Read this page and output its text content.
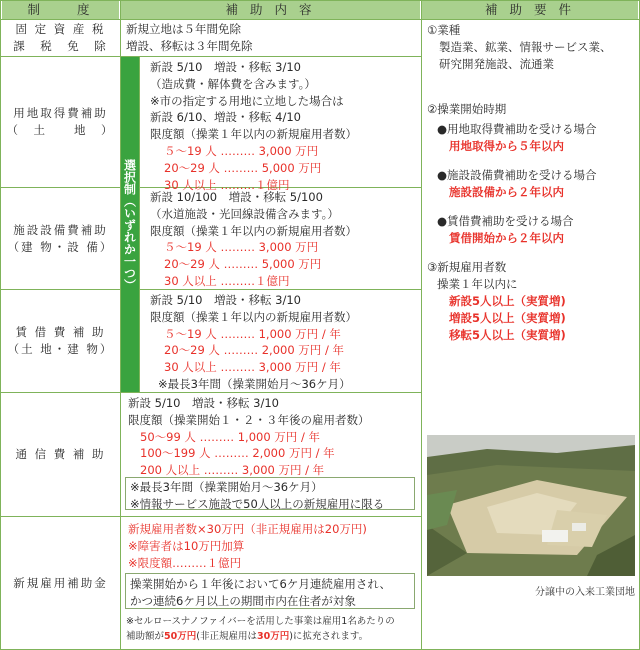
制　　度	補 助 内 容	補 助 要 件
選択制（いずれか一つ）
固 定 資 産 税
課　税　免　除
新規立地は５年間免除
増設、移転は３年間免除
用地取得費補助
（　土　　地　）
新設 5/10　増設・移転 3/10
（造成費・解体費を含みます。）
※市の指定する用地に立地した場合は
新設 6/10、増設・移転 4/10
限度額（操業１年以内の新規雇用者数）
５～19 人 ……… 3,000 万円
20～29 人 ……… 5,000 万円
30 人以上 ………１億円
施設設備費補助
（建 物・設 備）
新設 10/100　増設・移転 5/100
（水道施設・光回線設備含みます。）
限度額（操業１年以内の新規雇用者数）
５～19 人 ……… 3,000 万円
20～29 人 ……… 5,000 万円
30 人以上 ………１億円
賃 借 費 補 助
（土 地・建 物）
新設 5/10　増設・移転 3/10
限度額（操業１年以内の新規雇用者数）
５～19 人 ……… 1,000 万円 / 年
20～29 人 ……… 2,000 万円 / 年
30 人以上 ……… 3,000 万円 / 年
※最長3年間（操業開始月～36ケ月）
通 信 費 補 助
新設 5/10　増設・移転 3/10
限度額（操業開始１・２・３年後の雇用者数）
50～99 人 ……… 1,000 万円 / 年
100～199 人 ……… 2,000 万円 / 年
200 人以上 ……… 3,000 万円 / 年
※最長3年間（操業開始月～36ケ月）
※情報サービス施設で50人以上の新規雇用に限る
新規雇用補助金
新規雇用者数×30万円（非正規雇用は20万円)
※障害者は10万円加算
※限度額………１億円
操業開始から１年後において6ケ月連続雇用され、
かつ連続6ケ月以上の期間市内在住者が対象
※セルロースナノファイバーを活用した事業は雇用1名あたりの
補助額が50万円(非正規雇用は30万円)に拡充されます。
①業種
製造業、鉱業、情報サービス業、
研究開発施設、流通業
②操業開始時期
●用地取得費補助を受ける場合
用地取得から５年以内
●施設設備費補助を受ける場合
施設設備から２年以内
●賃借費補助を受ける場合
賃借開始から２年以内
③新規雇用者数
操業１年以内に
新設5人以上（実質増)
増設5人以上（実質増)
移転5人以上（実質増)
分譲中の入来工業団地
